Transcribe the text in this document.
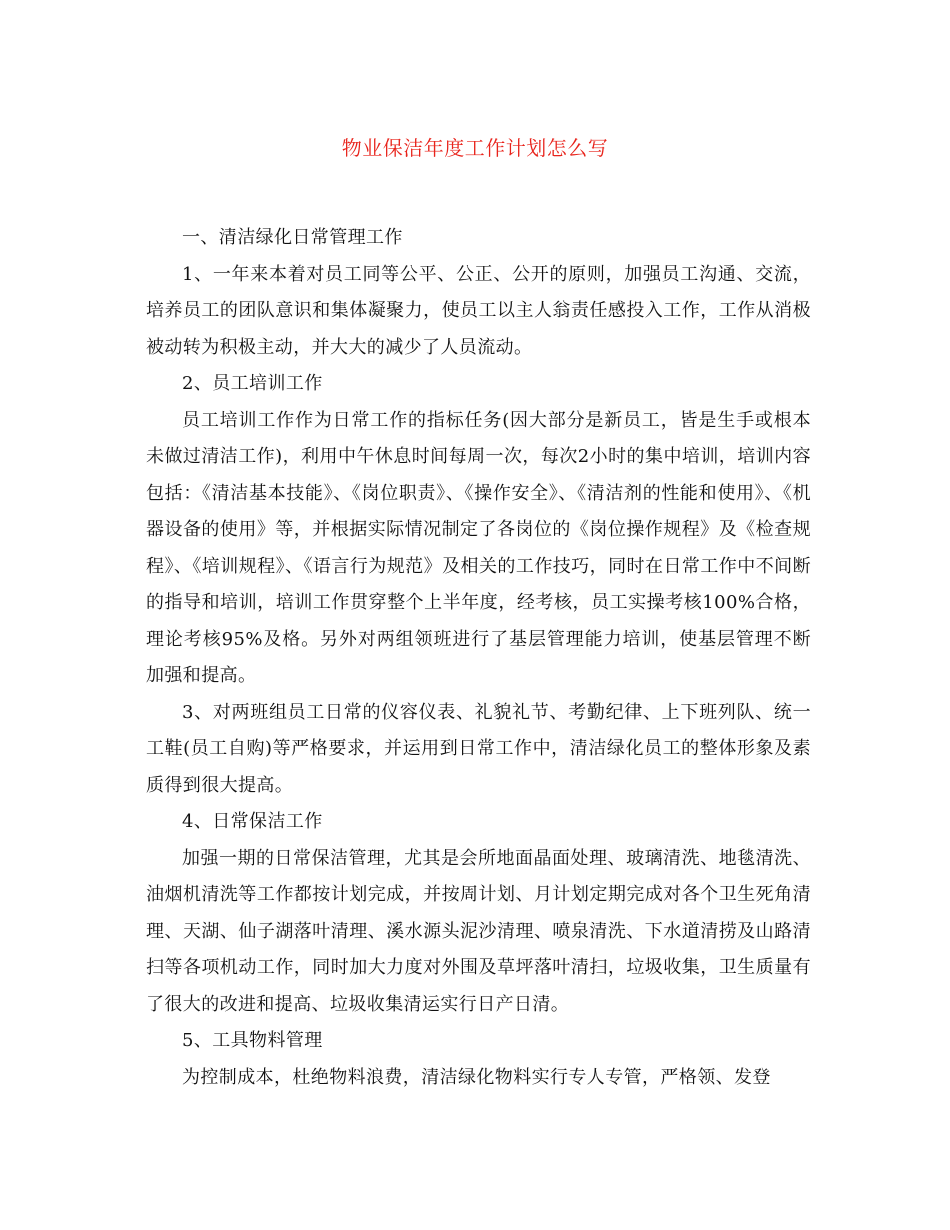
物业保洁年度工作计划怎么写

一、清洁绿化日常管理工作

1、一年来本着对员工同等公平、公正、公开的原则，加强员工沟通、交流，培养员工的团队意识和集体凝聚力，使员工以主人翁责任感投入工作，工作从消极被动转为积极主动，并大大的减少了人员流动。

2、员工培训工作

员工培训工作作为日常工作的指标任务(因大部分是新员工，皆是生手或根本未做过清洁工作)，利用中午休息时间每周一次，每次2小时的集中培训，培训内容包括：《清洁基本技能》、《岗位职责》、《操作安全》、《清洁剂的性能和使用》、《机器设备的使用》等，并根据实际情况制定了各岗位的《岗位操作规程》及《检查规程》、《培训规程》、《语言行为规范》及相关的工作技巧，同时在日常工作中不间断的指导和培训，培训工作贯穿整个上半年度，经考核，员工实操考核100%合格，理论考核95%及格。另外对两组领班进行了基层管理能力培训，使基层管理不断加强和提高。

3、对两班组员工日常的仪容仪表、礼貌礼节、考勤纪律、上下班列队、统一工鞋(员工自购)等严格要求，并运用到日常工作中，清洁绿化员工的整体形象及素质得到很大提高。

4、日常保洁工作

加强一期的日常保洁管理，尤其是会所地面晶面处理、玻璃清洗、地毯清洗、油烟机清洗等工作都按计划完成，并按周计划、月计划定期完成对各个卫生死角清理、天湖、仙子湖落叶清理、溪水源头泥沙清理、喷泉清洗、下水道清捞及山路清扫等各项机动工作，同时加大力度对外围及草坪落叶清扫，垃圾收集，卫生质量有了很大的改进和提高、垃圾收集清运实行日产日清。

5、工具物料管理

为控制成本，杜绝物料浪费，清洁绿化物料实行专人专管，严格领、发登
